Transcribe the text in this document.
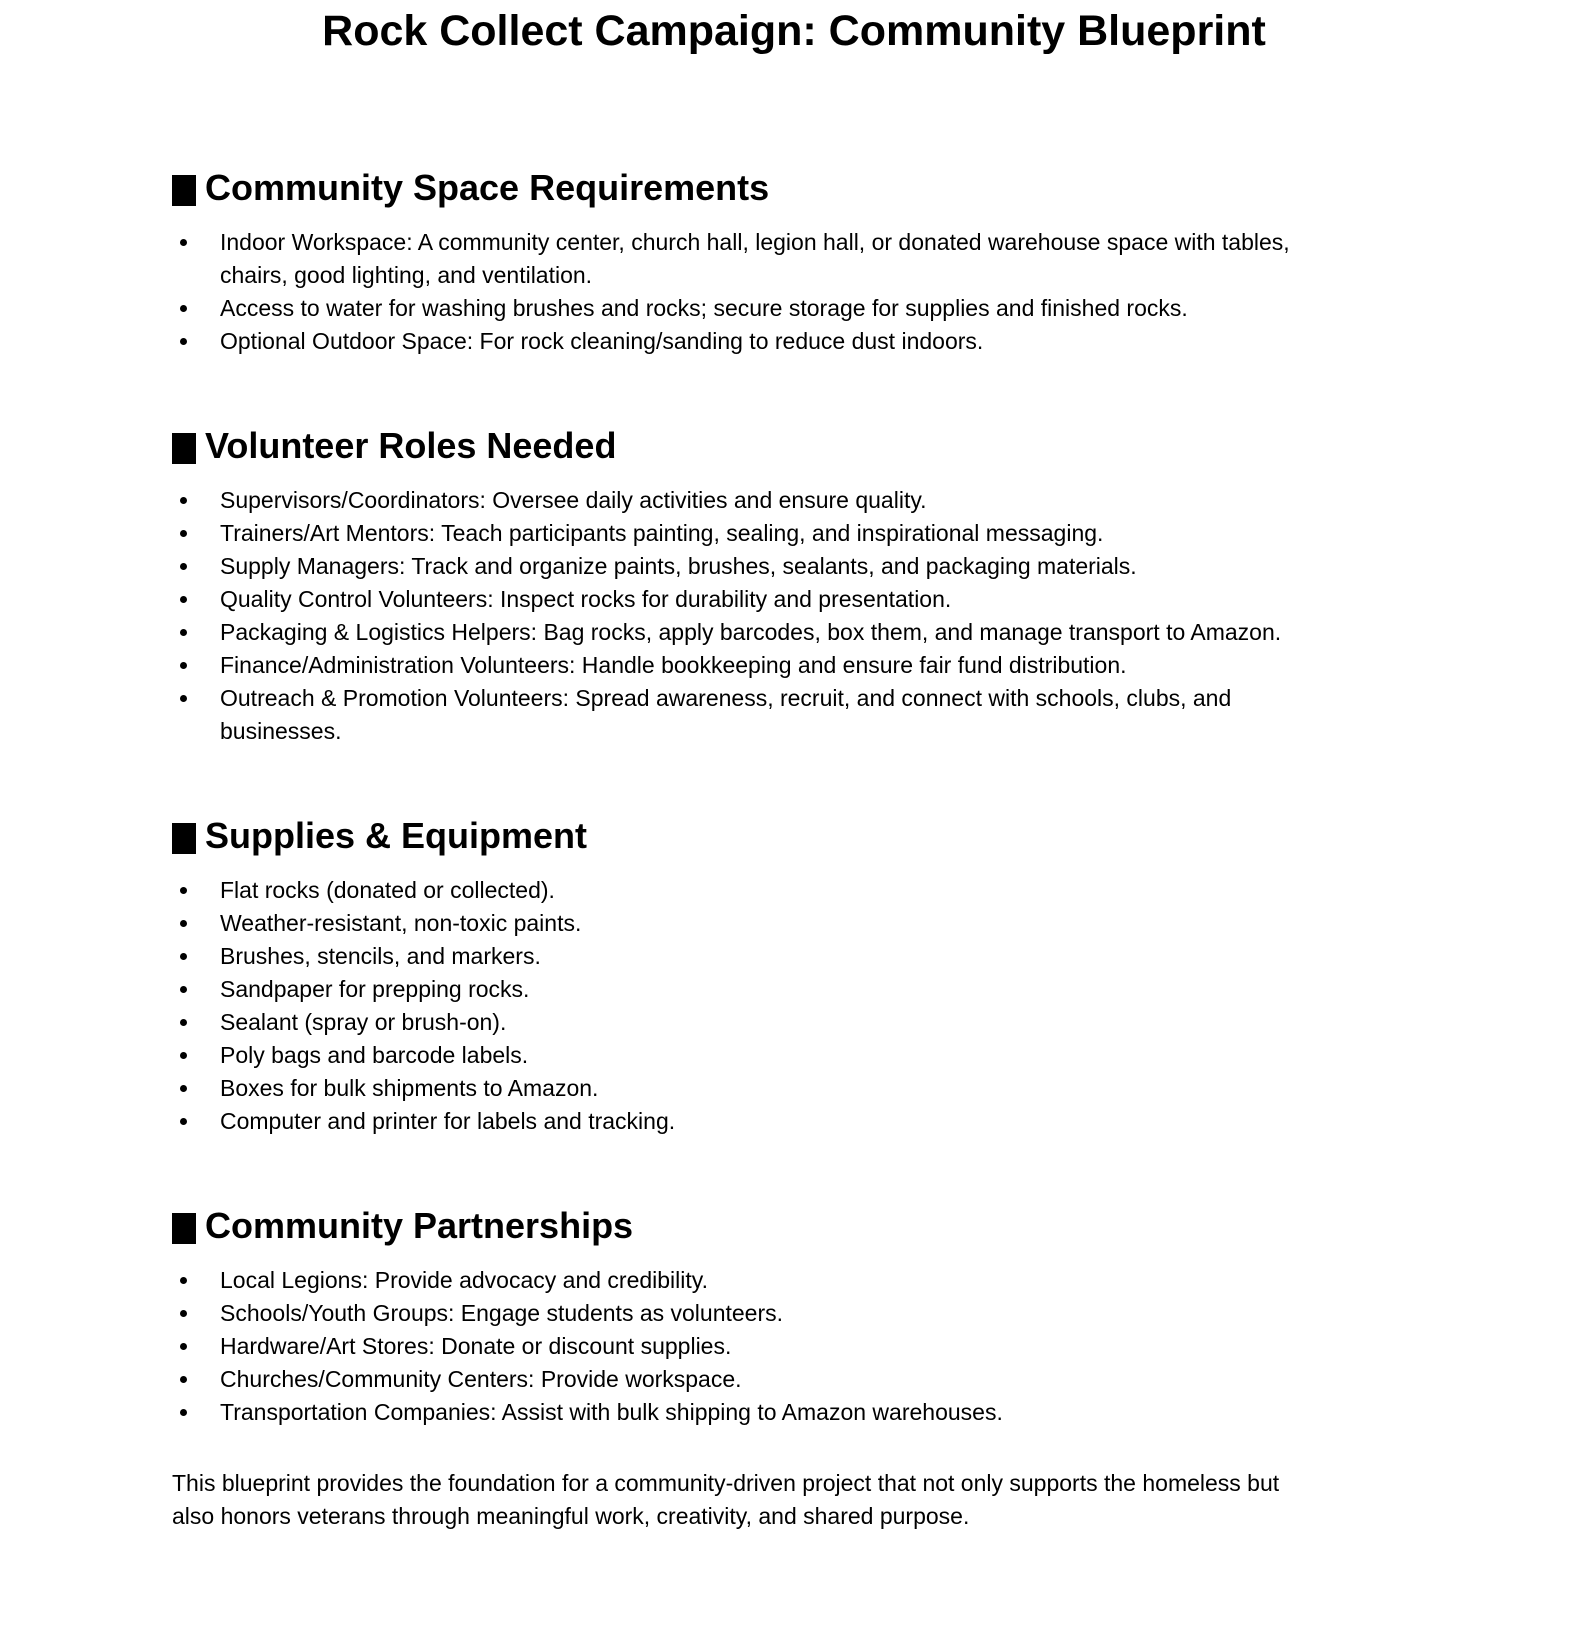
Rock Collect Campaign: Community Blueprint
Community Space Requirements
Indoor Workspace: A community center, church hall, legion hall, or donated warehouse space with tables, chairs, good lighting, and ventilation.
Access to water for washing brushes and rocks; secure storage for supplies and finished rocks.
Optional Outdoor Space: For rock cleaning/sanding to reduce dust indoors.
Volunteer Roles Needed
Supervisors/Coordinators: Oversee daily activities and ensure quality.
Trainers/Art Mentors: Teach participants painting, sealing, and inspirational messaging.
Supply Managers: Track and organize paints, brushes, sealants, and packaging materials.
Quality Control Volunteers: Inspect rocks for durability and presentation.
Packaging & Logistics Helpers: Bag rocks, apply barcodes, box them, and manage transport to Amazon.
Finance/Administration Volunteers: Handle bookkeeping and ensure fair fund distribution.
Outreach & Promotion Volunteers: Spread awareness, recruit, and connect with schools, clubs, and businesses.
Supplies & Equipment
Flat rocks (donated or collected).
Weather-resistant, non-toxic paints.
Brushes, stencils, and markers.
Sandpaper for prepping rocks.
Sealant (spray or brush-on).
Poly bags and barcode labels.
Boxes for bulk shipments to Amazon.
Computer and printer for labels and tracking.
Community Partnerships
Local Legions: Provide advocacy and credibility.
Schools/Youth Groups: Engage students as volunteers.
Hardware/Art Stores: Donate or discount supplies.
Churches/Community Centers: Provide workspace.
Transportation Companies: Assist with bulk shipping to Amazon warehouses.

This blueprint provides the foundation for a community-driven project that not only supports the homeless but also honors veterans through meaningful work, creativity, and shared purpose.
